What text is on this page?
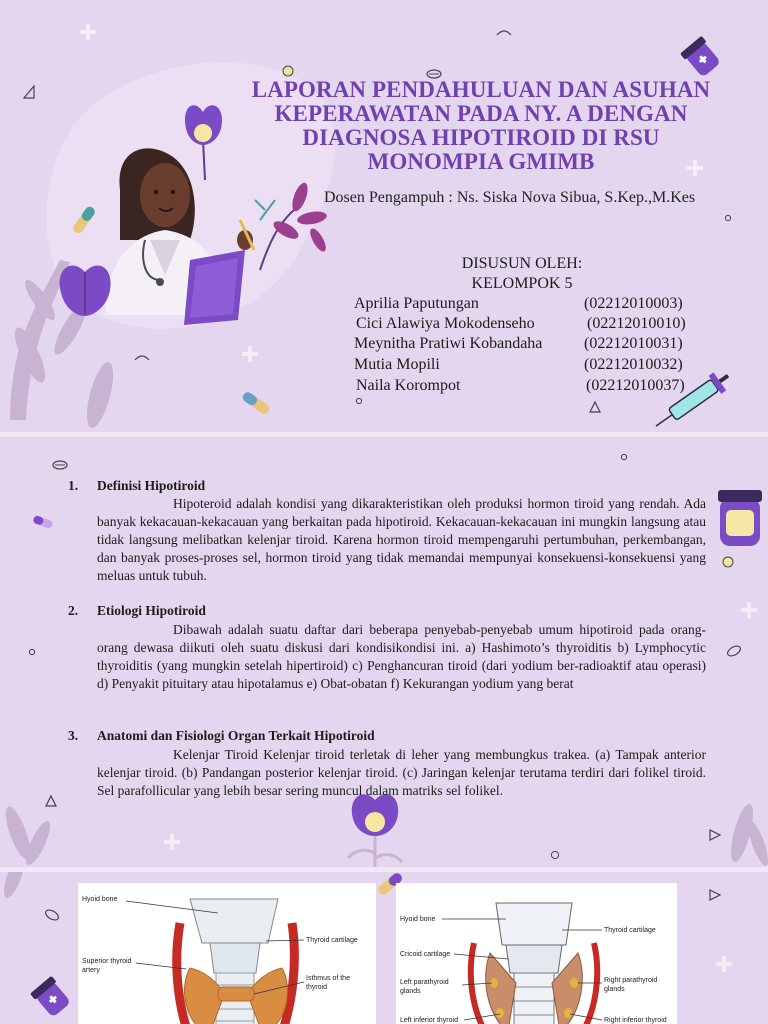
LAPORAN PENDAHULUAN DAN ASUHAN KEPERAWATAN PADA NY. A DENGAN DIAGNOSA HIPOTIROID DI RSU MONOMPIA GMIMB
Dosen Pengampuh : Ns. Siska Nova Sibua, S.Kep.,M.Kes
DISUSUN OLEH:
KELOMPOK 5
Aprilia Paputungan	(02212010003)
Cici Alawiya Mokodenseho	(02212010010)
Meynitha Pratiwi Kobandaha	(02212010031)
Mutia Mopili	(02212010032)
Naila Korompot	(02212010037)
1. Definisi Hipotiroid

Hipoteroid adalah kondisi yang dikarakteristikan oleh produksi hormon tiroid yang rendah. Ada banyak kekacauan-kekacauan yang berkaitan pada hipotiroid. Kekacauan-kekacauan ini mungkin langsung atau tidak langsung melibatkan kelenjar tiroid. Karena hormon tiroid mempengaruhi pertumbuhan, perkembangan, dan banyak proses-proses sel, hormon tiroid yang tidak memandai mempunyai konsekuensi-konsekuensi yang meluas untuk tubuh.

2. Etiologi Hipotiroid

Dibawah adalah suatu daftar dari beberapa penyebab-penyebab umum hipotiroid pada orang-orang dewasa diikuti oleh suatu diskusi dari kondisikondisi ini. a) Hashimoto’s thyroiditis b) Lymphocytic thyroiditis (yang mungkin setelah hipertiroid) c) Penghancuran tiroid (dari yodium ber-radioaktif atau operasi) d) Penyakit pituitary atau hipotalamus e) Obat-obatan f) Kekurangan yodium yang berat

3. Anatomi dan Fisiologi Organ Terkait Hipotiroid

Kelenjar Tiroid Kelenjar tiroid terletak di leher yang membungkus trakea. (a) Tampak anterior kelenjar tiroid. (b) Pandangan posterior kelenjar tiroid. (c) Jaringan kelenjar terutama terdiri dari folikel tiroid. Sel parafollicular yang lebih besar sering muncul dalam matriks sel folikel.

Hyoid bone
Thyroid cartilage
Superior thyroid
artery
Isthmus of the
thyroid
Hyoid bone
Thyroid cartilage
Cricoid cartilage
Left parathyroid
glands
Right parathyroid
glands
Left inferior thyroid	Right inferior thyroid
